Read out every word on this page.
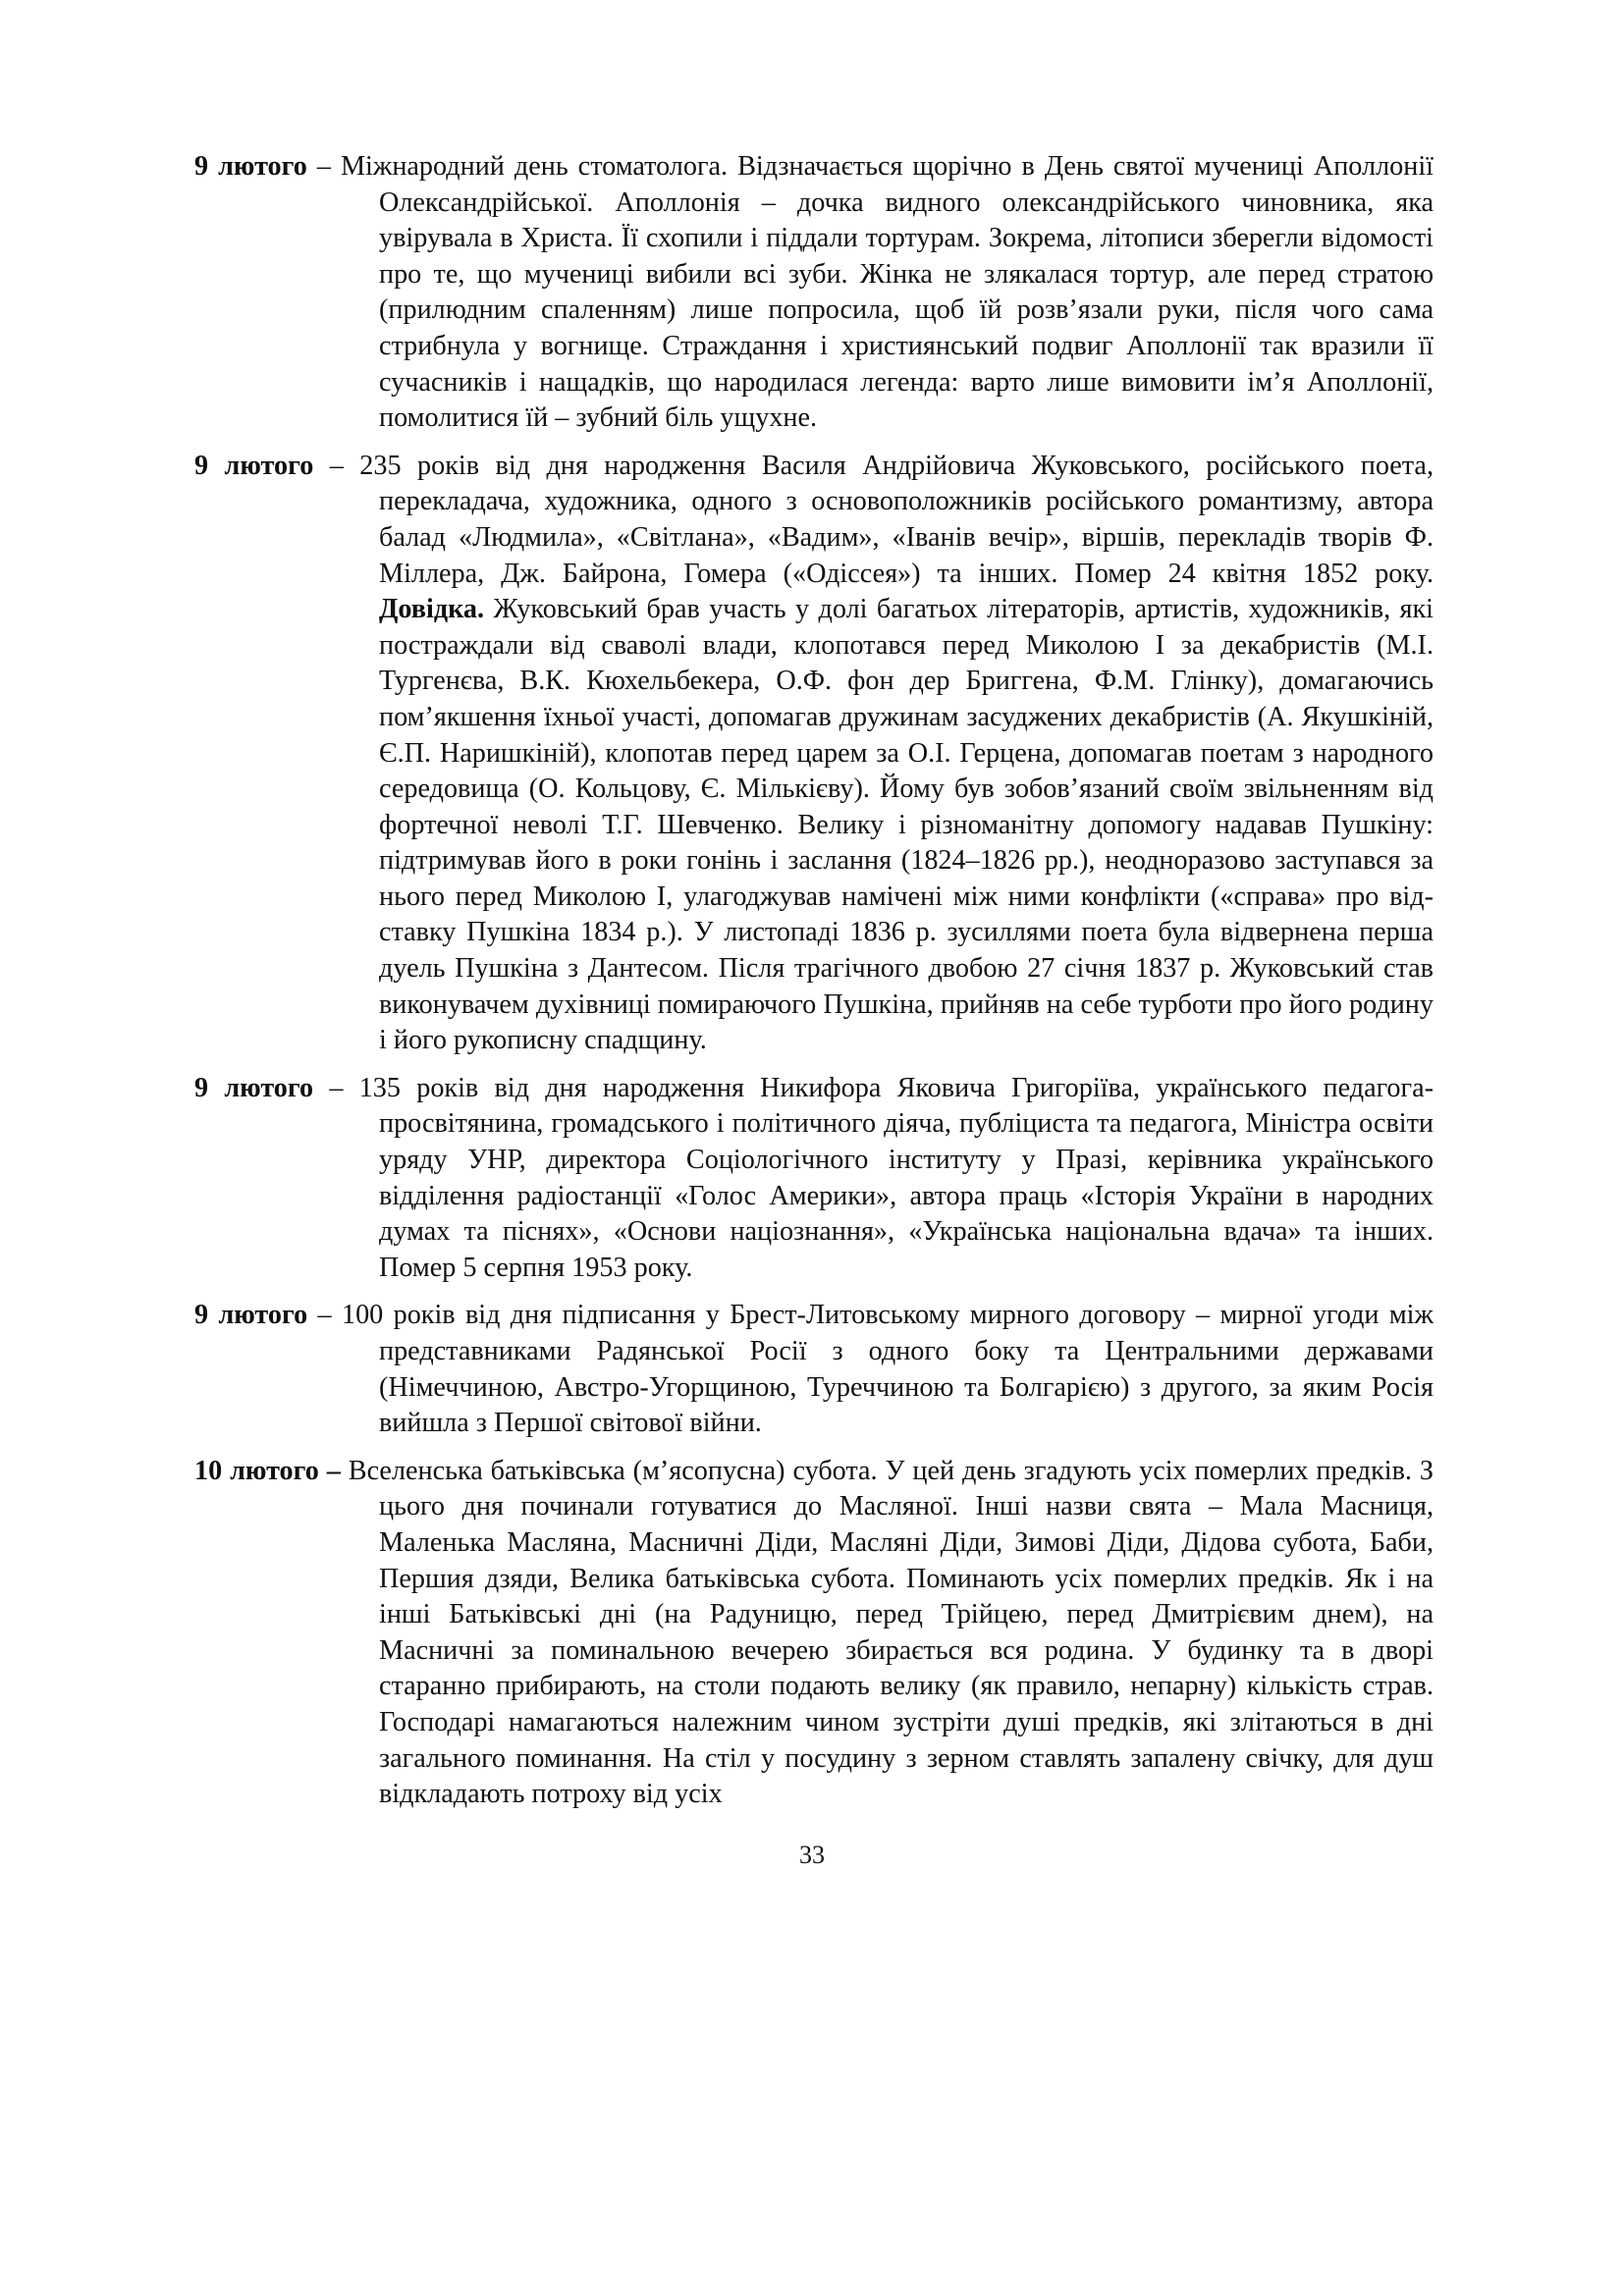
9 лютого – Міжнародний день стоматолога. Відзначається щорічно в День святої мучениці Аполлонії Олександрійської. Аполлонія – дочка видного олександрійського чиновника, яка увірувала в Христа. Її схопили і піддали тортурам. Зокрема, літописи зберегли відомості про те, що мучениці вибили всі зуби. Жінка не злякалася тортур, але перед стратою (прилюдним спаленням) лише попросила, щоб їй розв’язали руки, після чого сама стрибнула у вогнище. Страждання і християнський подвиг Аполлонії так вразили її сучасників і нащадків, що народилася легенда: варто лише вимовити ім’я Аполлонії, помолитися їй – зубний біль ущухне.

9 лютого – 235 років від дня народження Василя Андрійовича Жуковського, російського поета, перекладача, художника, одного з основоположників російського романтизму, автора балад «Людмила», «Світлана», «Вадим», «Іванів вечір», віршів, перекладів творів Ф. Міллера, Дж. Байрона, Гомера («Одіссея») та інших. Помер 24 квітня 1852 року. Довідка. Жуковський брав участь у долі багатьох літераторів, артистів, художників, які постраждали від сваволі влади, клопотався перед Миколою І за декабристів (М.І. Тургенєва, В.К. Кюхельбекера, О.Ф. фон дер Бриггена, Ф.М. Глінку), домагаючись пом’якшення їхньої участі, допомагав дружинам засуджених декабристів (А. Якушкіній, Є.П. Наришкіній), клопотав перед царем за О.І. Герцена, допомагав поетам з народного середовища (О. Кольцову, Є. Мількієву). Йому був зобов’язаний своїм звільненням від фортечної неволі Т.Г. Шевченко. Велику і різноманітну допомогу надавав Пушкіну: підтримував його в роки гонінь і заслання (1824–1826 рр.), неодноразово заступався за нього перед Миколою І, улагоджував намічені між ними конфлікти («справа» про відставку Пушкіна 1834 р.). У листопаді 1836 р. зусиллями поета була відвернена перша дуель Пушкіна з Дантесом. Після трагічного двобою 27 січня 1837 р. Жуковський став виконувачем духівниці помираючого Пушкіна, прийняв на себе турботи про його родину і його рукописну спадщину.

9 лютого – 135 років від дня народження Никифора Яковича Григоріїва, українського педагога-просвітянина, громадського і політичного діяча, публіциста та педагога, Міністра освіти уряду УНР, директора Соціологічного інституту у Празі, керівника українського відділення радіостанції «Голос Америки», автора праць «Історія України в народних думах та піснях», «Основи націознання», «Українська національна вдача» та інших. Помер 5 серпня 1953 року.

9 лютого – 100 років від дня підписання у Брест-Литовському мирного договору – мирної угоди між представниками Радянської Росії з одного боку та Центральними державами (Німеччиною, Австро-Угорщиною, Туреччиною та Болгарією) з другого, за яким Росія вийшла з Першої світової війни.

10 лютого – Вселенська батьківська (м’ясопусна) субота. У цей день згадують усіх померлих предків. З цього дня починали готуватися до Масляної. Інші назви свята – Мала Масниця, Маленька Масляна, Масничні Діди, Масляні Діди, Зимові Діди, Дідова субота, Баби, Першия дзяди, Велика батьківська субота. Поминають усіх померлих предків. Як і на інші Батьківські дні (на Радуницю, перед Трійцею, перед Дмитрієвим днем), на Масничні за поминальною вечерею збирається вся родина. У будинку та в дворі старанно прибирають, на столи подають велику (як правило, непарну) кількість страв. Господарі намагаються належним чином зустріти душі предків, які злітаються в дні загального поминання. На стіл у посудину з зерном ставлять запалену свічку, для душ відкладають потроху від усіх

33
